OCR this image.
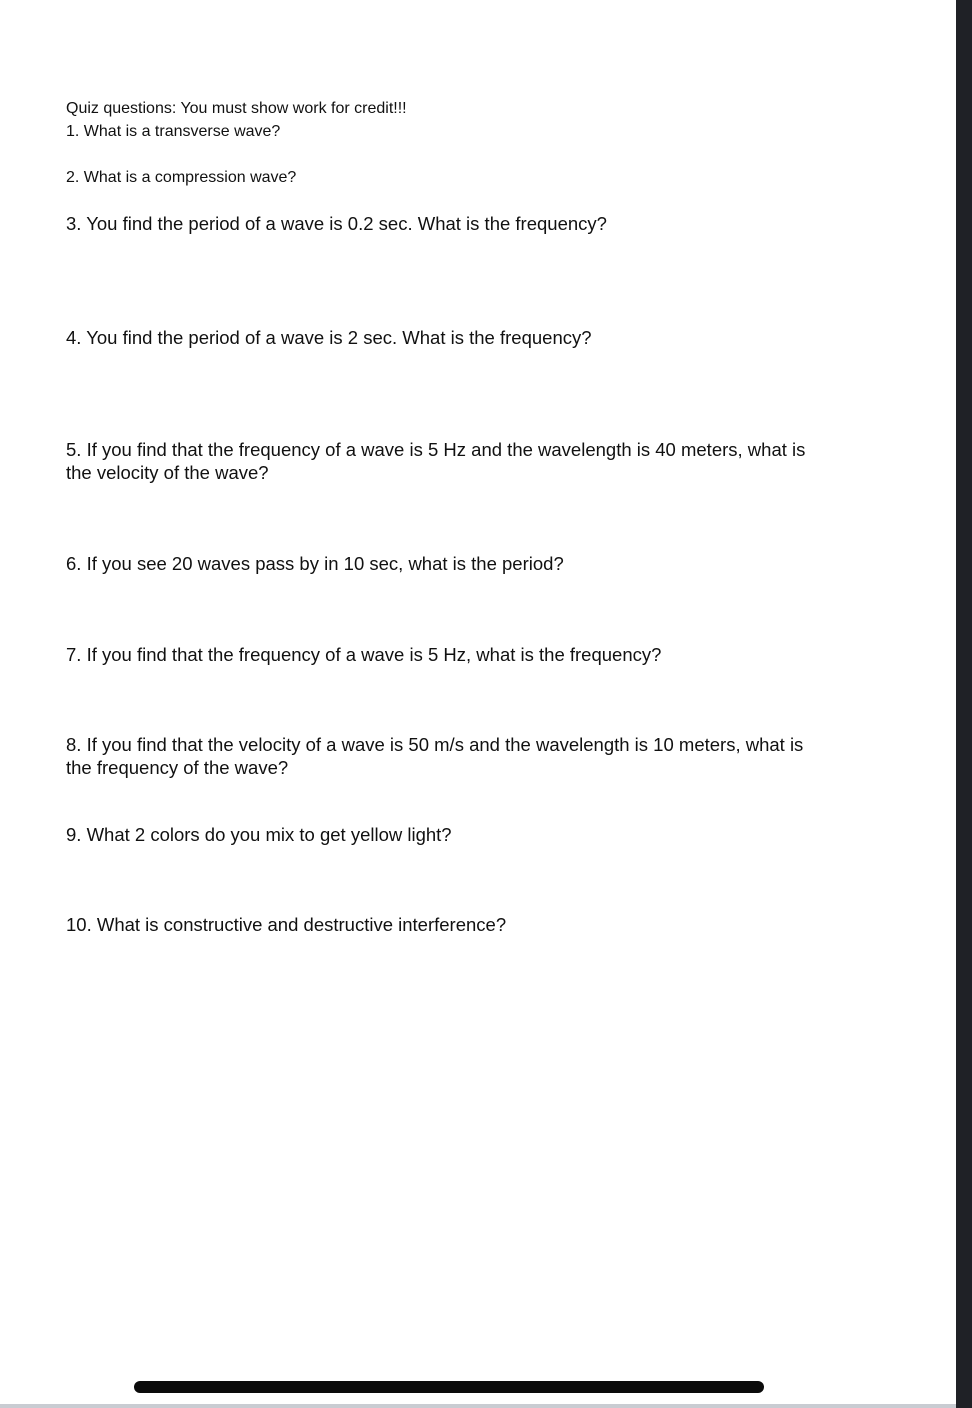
Quiz questions: You must show work for credit!!!

1. What is a transverse wave?

2. What is a compression wave?

3. You find the period of a wave is 0.2 sec. What is the frequency?

4. You find the period of a wave is 2 sec. What is the frequency?

5. If you find that the frequency of a wave is 5 Hz and the wavelength is 40 meters, what is the velocity of the wave?

6. If you see 20 waves pass by in 10 sec, what is the period?

7. If you find that the frequency of a wave is 5 Hz, what is the frequency?

8. If you find that the velocity of a wave is 50 m/s and the wavelength is 10 meters, what is the frequency of the wave?

9. What 2 colors do you mix to get yellow light?

10. What is constructive and destructive interference?
